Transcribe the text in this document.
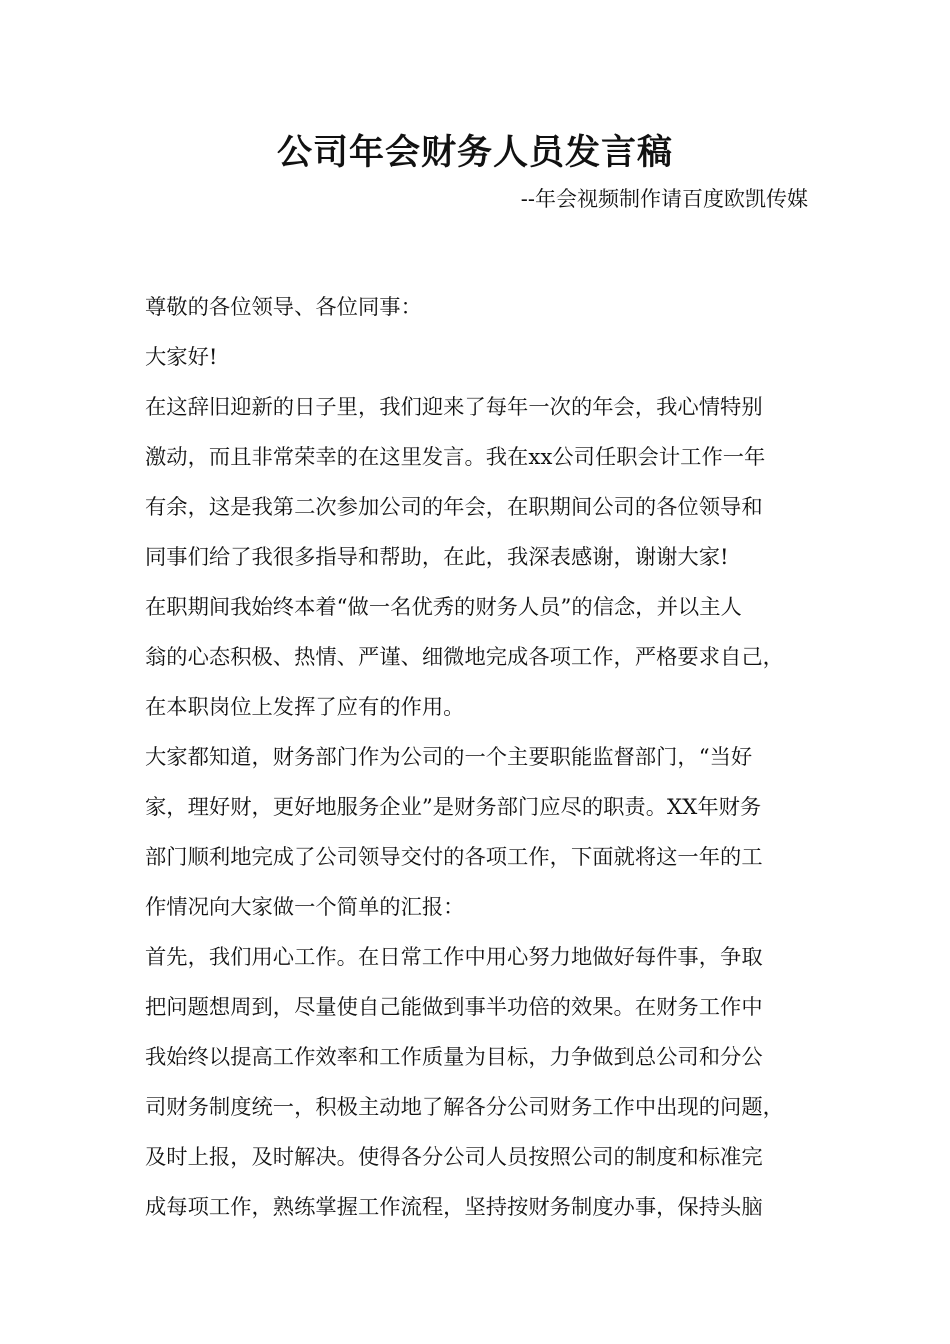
公司年会财务人员发言稿

--年会视频制作请百度欧凯传媒

尊敬的各位领导、各位同事：
大家好!
在这辞旧迎新的日子里，我们迎来了每年一次的年会，我心情特别
激动，而且非常荣幸的在这里发言。我在xx公司任职会计工作一年
有余，这是我第二次参加公司的年会，在职期间公司的各位领导和
同事们给了我很多指导和帮助，在此，我深表感谢，谢谢大家!
在职期间我始终本着“做一名优秀的财务人员”的信念，并以主人
翁的心态积极、热情、严谨、细微地完成各项工作，严格要求自己，
在本职岗位上发挥了应有的作用。
大家都知道，财务部门作为公司的一个主要职能监督部门，“当好
家，理好财，更好地服务企业”是财务部门应尽的职责。XX年财务
部门顺利地完成了公司领导交付的各项工作，下面就将这一年的工
作情况向大家做一个简单的汇报：
首先，我们用心工作。在日常工作中用心努力地做好每件事，争取
把问题想周到，尽量使自己能做到事半功倍的效果。在财务工作中
我始终以提高工作效率和工作质量为目标，力争做到总公司和分公
司财务制度统一，积极主动地了解各分公司财务工作中出现的问题，
及时上报，及时解决。使得各分公司人员按照公司的制度和标准完
成每项工作，熟练掌握工作流程，坚持按财务制度办事，保持头脑
